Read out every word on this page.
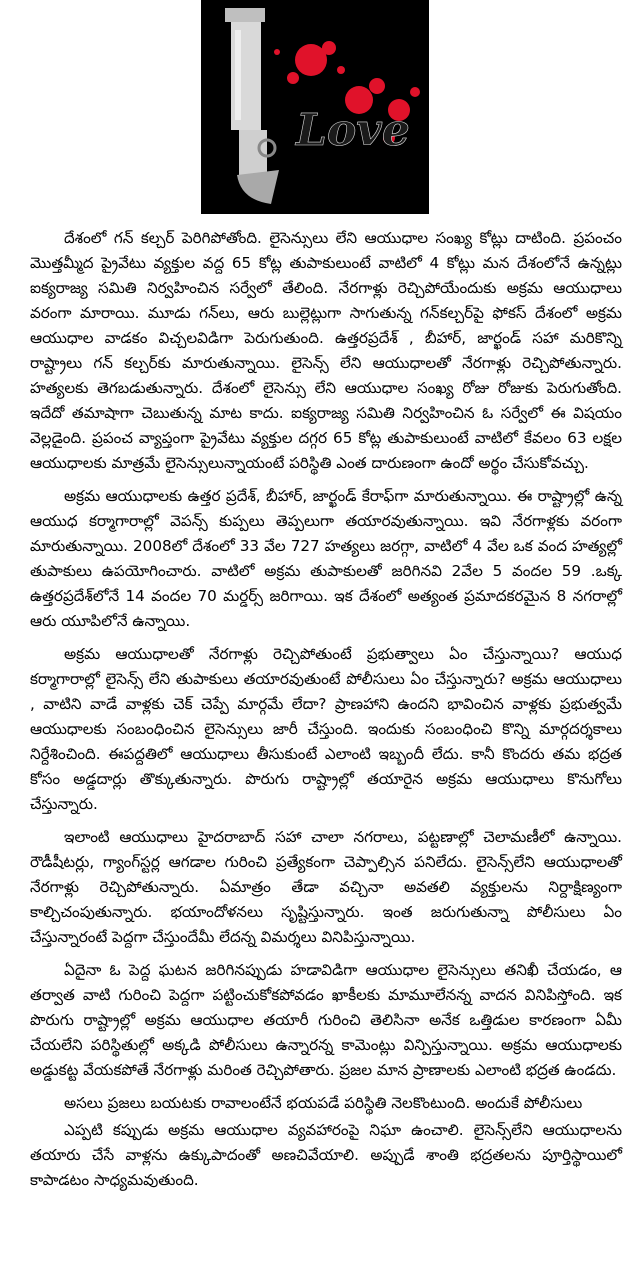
Love

దేశంలో గన్ కల్చర్ పెరిగిపోతోంది. లైసెన్సులు లేని ఆయుధాల సంఖ్య కోట్లు దాటింది. ప్రపంచం మొత్తమ్మీద ప్రైవేటు వ్యక్తుల వద్ద 65 కోట్ల తుపాకులుంటే వాటిలో 4 కోట్లు మన దేశంలోనే ఉన్నట్లు ఐక్యరాజ్య సమితి నిర్వహించిన సర్వేలో తేలింది. నేరగాళ్లు రెచ్చిపోయేందుకు అక్రమ ఆయుధాలు వరంగా మారాయి. మూడు గన్‌లు, ఆరు బుల్లెట్లుగా సాగుతున్న గన్‌కల్చర్‌పై ఫోకస్ దేశంలో అక్రమ ఆయుధాల వాడకం విచ్చలవిడిగా పెరుగుతుంది. ఉత్తరప్రదేశ్ , బీహార్, జార్ఖండ్ సహా మరికొన్ని రాష్ట్రాలు గన్ కల్చర్‌కు మారుతున్నాయి. లైసెన్స్ లేని ఆయుధాలతో నేరగాళ్లు రెచ్చిపోతున్నారు. హత్యలకు తెగబడుతున్నారు. దేశంలో లైసెన్సు లేని ఆయుధాల సంఖ్య రోజు రోజుకు పెరుగుతోంది. ఇదేదో తమాషాగా చెబుతున్న మాట కాదు. ఐక్యరాజ్య సమితి నిర్వహించిన ఓ సర్వేలో ఈ విషయం వెల్లడైంది. ప్రపంచ వ్యాప్తంగా ప్రైవేటు వ్యక్తుల దగ్గర 65 కోట్ల తుపాకులుంటే వాటిలో కేవలం 63 లక్షల ఆయుధాలకు మాత్రమే లైసెన్సులున్నాయంటే పరిస్థితి ఎంత దారుణంగా ఉందో అర్థం చేసుకోవచ్చు.

అక్రమ ఆయుధాలకు ఉత్తర ప్రదేశ్, బీహార్, జార్ఖండ్ కేరాఫ్‌గా మారుతున్నాయి. ఈ రాష్ట్రాల్లో ఉన్న ఆయుధ కర్మాగారాల్లో వెపన్స్ కుప్పలు తెప్పలుగా తయారవుతున్నాయి. ఇవి నేరగాళ్లకు వరంగా మారుతున్నాయి. 2008లో దేశంలో 33 వేల 727 హత్యలు జరగ్గా, వాటిలో 4 వేల ఒక వంద హత్యల్లో తుపాకులు ఉపయోగించారు. వాటిలో అక్రమ తుపాకులతో జరిగినవి 2వేల 5 వందల 59 .ఒక్క ఉత్తరప్రదేశ్‌లోనే 14 వందల 70 మర్డర్స్ జరిగాయి. ఇక దేశంలో అత్యంత ప్రమాదకరమైన 8 నగరాల్లో ఆరు యూపిలోనే ఉన్నాయి.

అక్రమ ఆయుధాలతో నేరగాళ్లు రెచ్చిపోతుంటే ప్రభుత్వాలు ఏం చేస్తున్నాయి? ఆయుధ కర్మాగారాల్లో లైసెన్స్ లేని తుపాకులు తయారవుతుంటే పోలీసులు ఏం చేస్తున్నారు? అక్రమ ఆయుధాలు , వాటిని వాడే వాళ్లకు చెక్ చెప్పే మార్గమే లేదా? ప్రాణహాని ఉందని భావించిన వాళ్లకు ప్రభుత్వమే ఆయుధాలకు సంబంధించిన లైసెన్సులు జారీ చేస్తుంది. ఇందుకు సంబంధించి కొన్ని మార్గదర్శకాలు నిర్దేశించింది. ఈపద్దతిలో ఆయుధాలు తీసుకుంటే ఎలాంటి ఇబ్బందీ లేదు. కానీ కొందరు తమ భద్రత కోసం అడ్డదార్లు తొక్కుతున్నారు. పొరుగు రాష్ట్రాల్లో తయారైన అక్రమ ఆయుధాలు కొనుగోలు చేస్తున్నారు.

ఇలాంటి ఆయుధాలు హైదరాబాద్ సహా చాలా నగరాలు, పట్టణాల్లో చెలామణీలో ఉన్నాయి. రౌడీషీటర్లు, గ్యాంగ్‌స్టర్ల ఆగడాల గురించి ప్రత్యేకంగా చెప్పాల్సిన పనిలేదు. లైసెన్స్‌లేని ఆయుధాలతో నేరగాళ్లు రెచ్చిపోతున్నారు. ఏమాత్రం తేడా వచ్చినా అవతలి వ్యక్తులను నిర్దాక్షిణ్యంగా కాల్చిచంపుతున్నారు. భయాందోళనలు సృష్టిస్తున్నారు. ఇంత జరుగుతున్నా పోలీసులు ఏం చేస్తున్నారంటే పెద్దగా చేస్తుందేమీ లేదన్న విమర్శలు వినిపిస్తున్నాయి.

ఏదైనా ఓ పెద్ద ఘటన జరిగినప్పుడు హడావిడిగా ఆయుధాల లైసెన్సులు తనిఖీ చేయడం, ఆ తర్వాత వాటి గురించి పెద్దగా పట్టించుకోకపోవడం ఖాకీలకు మామూలేనన్న వాదన వినిపిస్తోంది. ఇక పొరుగు రాష్ట్రాల్లో అక్రమ ఆయుధాల తయారీ గురించి తెలిసినా అనేక ఒత్తిడుల కారణంగా ఏమీ చేయలేని పరిస్థితుల్లో అక్కడి పోలీసులు ఉన్నారన్న కామెంట్లు విన్పిస్తున్నాయి. అక్రమ ఆయుధాలకు అడ్డుకట్ట వేయకపోతే నేరగాళ్లు మరింత రెచ్చిపోతారు. ప్రజల మాన ప్రాణాలకు ఎలాంటి భద్రత ఉండదు.

అసలు ప్రజలు బయటకు రావాలంటేనే భయపడే పరిస్థితి నెలకొంటుంది. అందుకే పోలీసులు

ఎప్పటి కప్పుడు అక్రమ ఆయుధాల వ్యవహారంపై నిఘా ఉంచాలి. లైసెన్స్‌లేని ఆయుధాలను తయారు చేసే వాళ్లను ఉక్కుపాదంతో అణచివేయాలి. అప్పుడే శాంతి భద్రతలను పూర్తిస్థాయిలో కాపాడటం సాధ్యమవుతుంది.
